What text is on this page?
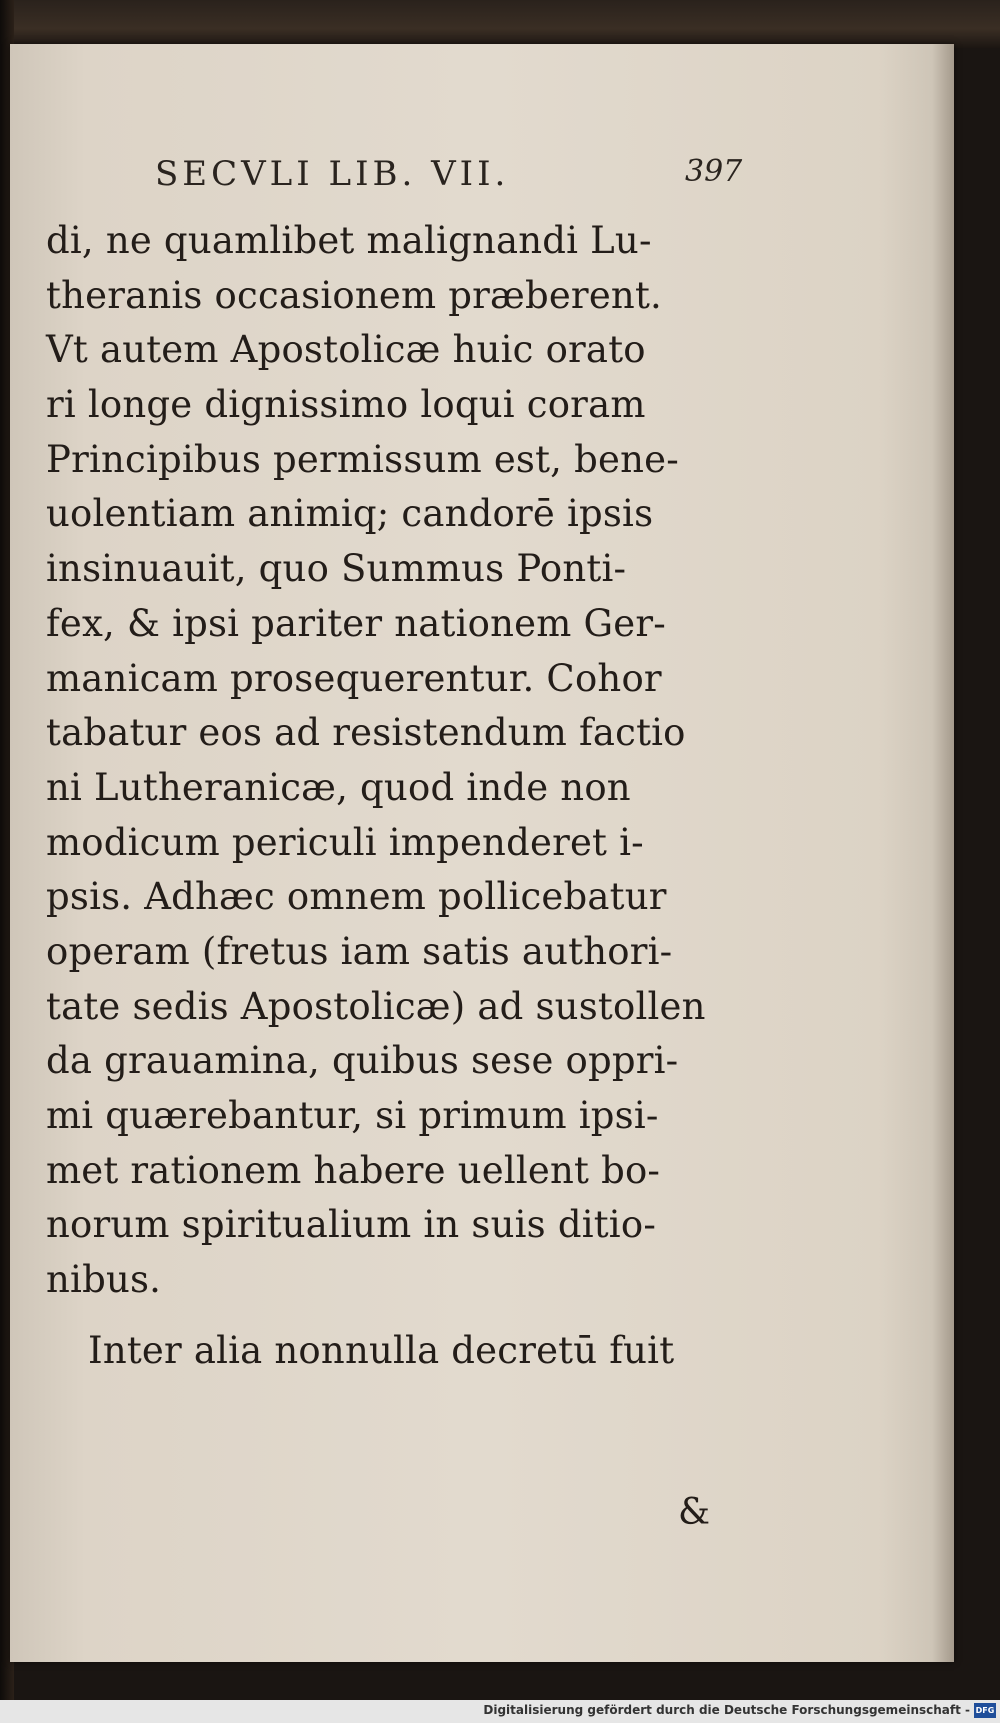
SECVLI LIB. VII.	397
di, ne quamlibet malignandi Lu-
theranis occasionem præberent.
Vt autem Apostolicæ huic orato
ri longe dignissimo loqui coram
Principibus permissum est, bene-
uolentiam animiq; candorē ipsis
insinuauit, quo Summus Ponti-
fex, & ipsi pariter nationem Ger-
manicam prosequerentur. Cohor
tabatur eos ad resistendum factio
ni Lutheranicæ, quod inde non
modicum periculi impenderet i-
psis. Adhæc omnem pollicebatur
operam (fretus iam satis authori-
tate sedis Apostolicæ) ad sustollen
da grauamina, quibus sese oppri-
mi quærebantur, si primum ipsi-
met rationem habere uellent bo-
norum spiritualium in suis ditio-
nibus.
Inter alia nonnulla decretū fuit
&
Digitalisierung gefördert durch die Deutsche Forschungsgemeinschaft - DFG
